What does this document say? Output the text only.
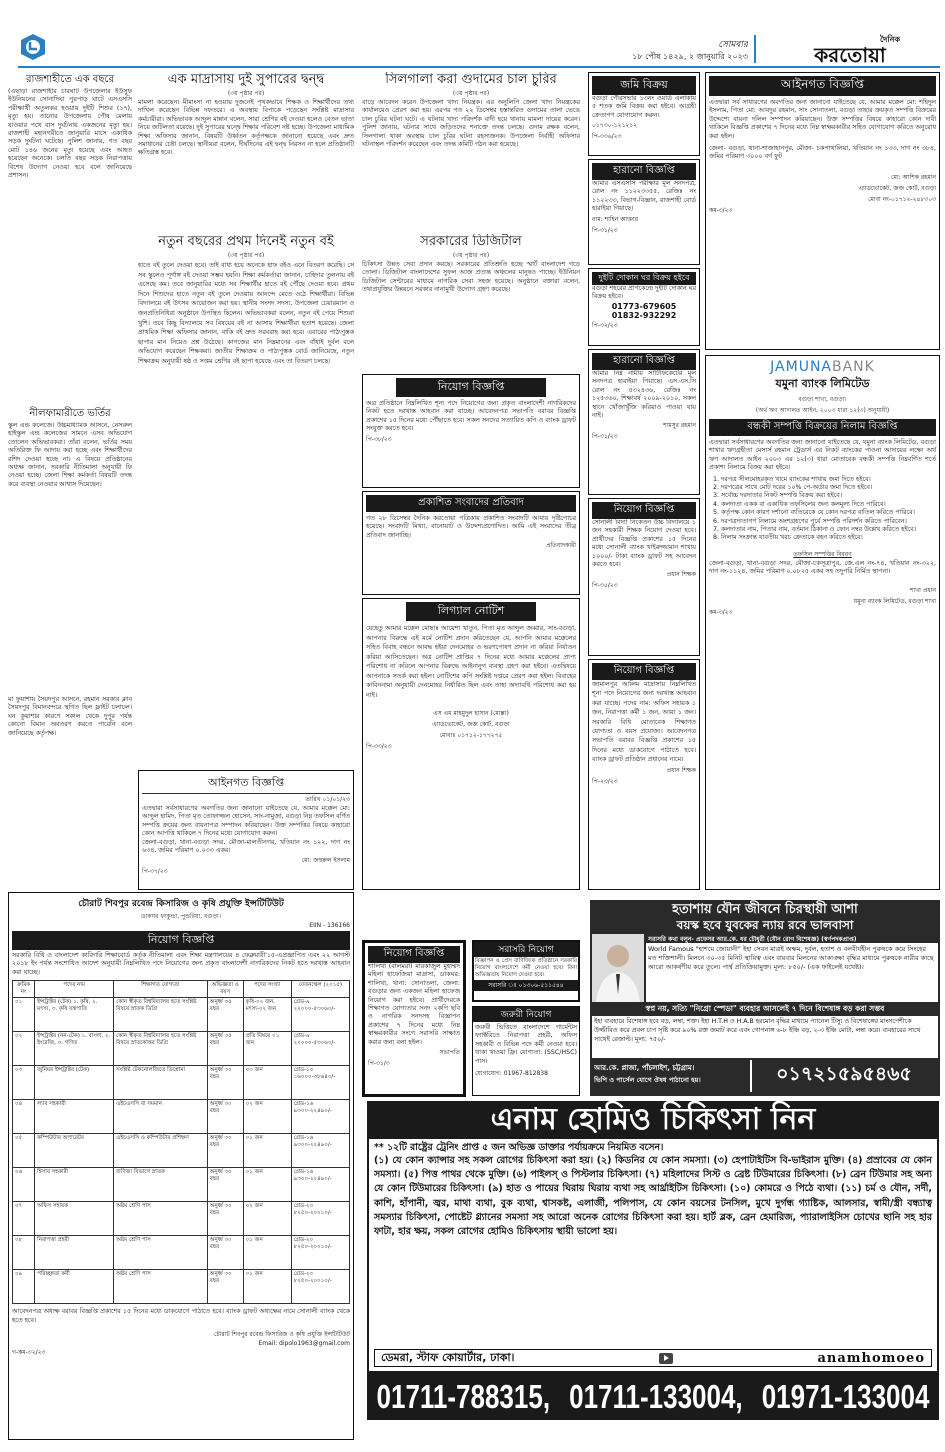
সোমবার
১৮ পৌষ ১৪২৯, ২ জানুয়ারি ২০২৩
দৈনিক
করতোয়া
রাজশাহীতে এক বছরে
(এছাড়া রাজশাহীর চারঘাট উপজেলার ইউসুফ ইউনিয়নের সোনাদিঘা পুরপাড় ঘাটে এসএসসি পরীক্ষার্থী অতুলকর হওয়ায় দুইটি শিশুর (১৭), মৃত্যু হয়। তানোর উপজেলায় পৌষ মেলায় যাওয়ার পথে বাস দুর্ঘটনায় একজনের মৃত্যু হয়। রাজশাহী মহানগরীতে জানুয়ারি মাসে একাধিক সড়ক দুর্ঘটনা ঘটেছে। পুলিশ জানায়, গত বছর মোট ১৪৬ জনের মৃত্যু হয়েছে এবং আহত হয়েছেন অনেকে। চলতি বছর সড়ক নিরাপত্তায় বিশেষ উদ্যোগ নেওয়া হবে বলে জানিয়েছে প্রশাসন।
নীলফামারীতে ভর্তির
স্কুল এন্ড কলেজে। উচ্চমাধ্যমিক আসনে, নেসরুল হাইস্কুল এন্ড কলেজের সামনে এসব অভিযোগ তোলেন অভিভাবকরা। তাঁরা বলেন, ভর্তির সময় অতিরিক্ত ফি আদায় করা হচ্ছে এবং শিক্ষার্থীদের রশিদ দেওয়া হচ্ছে না। এ বিষয়ে প্রতিষ্ঠানের অধ্যক্ষ জানান, সরকারি নীতিমালা অনুযায়ী ফি নেওয়া হচ্ছে। জেলা শিক্ষা কর্মকর্তা বিষয়টি তদন্ত করে ব্যবস্থা নেওয়ার আশ্বাস দিয়েছেন।
মা ফুয়াশায় সৈয়দপুর আসনে, রহমান সরকার ক্লাব সৈয়দপুর বিমানবন্দরে স্থগিত ছিল ফ্লাইট চলাচল। ঘন কুয়াশার কারণে সকাল থেকে দুপুর পর্যন্ত কোনো বিমান অবতরণ করতে পারেনি বলে জানিয়েছে কর্তৃপক্ষ।
এক মাদ্রাসায় দুই সুপারের দ্বন্দ্ব
(৩য় পৃষ্ঠার পর)
মামলা করেছেন। মীমাংসা না হওয়ায় দুজনেই পৃথকভাবে শিক্ষক ও শিক্ষার্থীদের তথ্য দাখিল করেছেন বিভিন্ন দফতরে। এ অবস্থায় বিপাকে পড়েছেন সংশ্লিষ্ট মাদ্রাসার কর্মচারীরা। অভিভাবক আব্দুল মান্নান বলেন, সারা শ্রেণির বই দেওয়া হলেও বেতন ভাতা নিয়ে জটিলতা রয়েছে। দুই সুপারের দ্বন্দ্বে শিক্ষার পরিবেশ নষ্ট হচ্ছে। উপজেলা মাধ্যমিক শিক্ষা অফিসার জানান, বিষয়টি উর্ধ্বতন কর্তৃপক্ষকে জানানো হয়েছে এবং দ্রুত সমাধানের চেষ্টা চলছে। স্থানীয়রা বলেন, দীর্ঘদিনের এই দ্বন্দ্ব নিরসন না হলে প্রতিষ্ঠানটি ক্ষতিগ্রস্ত হবে।
সিলগালা করা গুদামের চাল চুরির
(৩য় পৃষ্ঠার পর)
বাড়ে আবেদন করেন উপজেলা খাদ্য নিয়ন্ত্রক। এর অনুলিপি জেলা খাদ্য নিয়ন্ত্রকের কার্যালয়েও প্রেরণ করা হয়। এরপর গত ২২ ডিসেম্বর হস্তান্তরিত গুদামের তালা ভেঙে চাল চুরির ঘটনা ঘটে। এ ঘটনায় খাদ্য পরিদর্শক বাদী হয়ে থানায় মামলা দায়ের করেন। পুলিশ জানায়, ঘটনার সাথে জড়িতদের শনাক্তে তদন্ত চলছে। গুদাম রক্ষক বলেন, সিলগালা থাকা অবস্থায় চাল চুরির ঘটনা রহস্যজনক। উপজেলা নির্বাহী অফিসার ঘটনাস্থল পরিদর্শন করেছেন এবং তদন্ত কমিটি গঠন করা হয়েছে।
নতুন বছরের প্রথম দিনেই নতুন বই
(৩য় পৃষ্ঠার পর)
হাতে বই তুলে দেওয়া হবে। তাই বাধ্য হয়ে অনেকে হাফ বইও এনে বিতরণ করেছি। সে সব স্কুলেও পূর্ণাঙ্গ বই দেওয়া সম্ভব হয়নি। শিক্ষা কর্মকর্তারা জানান, চাহিদার তুলনায় বই এসেছে কম। তবে জানুয়ারির মধ্যে সব শিক্ষার্থীর হাতে বই পৌঁছে দেওয়া হবে। প্রথম দিনে শিশুদের হাতে নতুন বই তুলে দেওয়ায় আনন্দে মেতে ওঠে শিক্ষার্থীরা। বিভিন্ন বিদ্যালয়ে বই উৎসব আয়োজন করা হয়। স্থানীয় সংসদ সদস্য, উপজেলা চেয়ারম্যান ও জনপ্রতিনিধিরা অনুষ্ঠানে উপস্থিত ছিলেন। অভিভাবকরা বলেন, নতুন বই পেয়ে শিশুরা খুশি। তবে কিছু বিদ্যালয়ে সব বিষয়ের বই না আসায় শিক্ষার্থীরা হতাশ হয়েছে। জেলা প্রাথমিক শিক্ষা অফিসার জানান, বাকি বই দ্রুত সরবরাহ করা হবে। এবারের পাঠ্যপুস্তক ছাপার মান নিয়েও প্রশ্ন উঠেছে। কাগজের মান নিম্নমানের এবং বাঁধাই দুর্বল বলে অভিযোগ করেছেন শিক্ষকরা। জাতীয় শিক্ষাক্রম ও পাঠ্যপুস্তক বোর্ড জানিয়েছে, নতুন শিক্ষাক্রম অনুযায়ী ষষ্ঠ ও সপ্তম শ্রেণির বই ছাপা হয়েছে এবং তা বিতরণ চলছে।
সরকারের ডিজিটাল
(৩য় পৃষ্ঠার পর)
চিকিৎসা উন্নত সেবা প্রদান করছে। সরকারের প্রতিশ্রুতি হচ্ছে স্মার্ট বাংলাদেশ গড়ে তোলা। ডিজিটাল বাংলাদেশের সুফল আজ প্রত্যন্ত অঞ্চলের মানুষও পাচ্ছে। ইউনিয়ন ডিজিটাল সেন্টারের মাধ্যমে নাগরিক সেবা সহজ হয়েছে। অনুষ্ঠানে বক্তারা বলেন, তথ্যপ্রযুক্তির উন্নয়নে সরকার নানামুখী উদ্যোগ গ্রহণ করেছে।
নিয়োগ বিজ্ঞপ্তি
অত্র প্রতিষ্ঠানে নিম্নলিখিত শূন্য পদে নিয়োগের জন্য প্রকৃত বাংলাদেশী নাগরিকদের নিকট হতে দরখাস্ত আহবান করা যাচ্ছে। আবেদনপত্র সভাপতি বরাবর বিজ্ঞপ্তি প্রকাশের ১৫ দিনের মধ্যে পৌঁছাতে হবে। সকল সনদের সত্যায়িত কপি ও ব্যাংক ড্রাফট সংযুক্ত করতে হবে।
পি-৩৮/২৩
প্রকাশিত সংবাদের প্রতিবাদ
গত ২৮ ডিসেম্বর দৈনিক করতোয়া পত্রিকায় প্রকাশিত সংবাদটি আমার দৃষ্টিগোচর হয়েছে। সংবাদটি মিথ্যা, বানোয়াট ও উদ্দেশ্যপ্রণোদিত। আমি এই সংবাদের তীব্র প্রতিবাদ জানাচ্ছি।
প্রতিবাদকারী
লিগ্যাল নোটিশ
যেহেতু আমার মক্কেল মোছাঃ আয়েশা খাতুন, পিতা মৃত আব্দুল জব্বার, সাং-বগুড়া, আপনার বিরুদ্ধে এই মর্মে নোটিশ প্রদান করিতেছেন যে, আপনি আমার মক্কেলের সহিত বিবাহ বন্ধনে আবদ্ধ হইয়া দেনমোহর ও ভরণপোষণ প্রদান না করিয়া নির্যাতন করিয়া আসিতেছেন। অত্র নোটিশ প্রাপ্তির ৭ দিনের মধ্যে আমার মক্কেলের প্রাপ্য পরিশোধ না করিলে আপনার বিরুদ্ধে আইনানুগ ব্যবস্থা গ্রহণ করা হইবে। এতদ্বিষয়ে আপনাকে সতর্ক করা হইল। নোটিশের কপি সংশ্লিষ্ট দপ্তরে প্রেরণ করা হইল। বিবাহের কাবিননামা অনুযায়ী দেনমোহর নির্ধারিত ছিল এবং তাহা অদ্যাবধি পরিশোধ করা হয় নাই।
এস এম মাহমুদুল হাসান (মোল্লা)
এ্যাডভোকেট, জজ কোর্ট, বগুড়া
মোবাঃ ০১৭১২-১৭৭২৭৫
পি-৩৩/২৩
জমি বিক্রয়
বগুড়া পৌরসভার ১৩নং ওয়ার্ড এলাকায় ৫ শতক জমি বিক্রয় করা হইবে। আগ্রহী ক্রেতাগণ যোগাযোগ করুন।
০১৭৩০-১২১২১২
পি-৩৩৬/২৩
হারানো বিজ্ঞপ্তি
আমার এসএসসি পরীক্ষার মূল সনদপত্র, রোল নং ১১২২৩৩৫৫, রেজিঃ নং ১১২২৩৩, বিভাগ-বিজ্ঞান, রাজশাহী বোর্ড হারাইয়া গিয়াছে।
নাম: শাহিন আক্তার
পি-৩১/২৩
দুইটি দোকান ঘর বিক্রয় হইবে
বগুড়া শহরের প্রাণকেন্দ্রে দুইটি দোকান ঘর বিক্রয় হইবে।
01773-679605
01832-932292
পি-৩২/২৩
হারানো বিজ্ঞপ্তি
আমার নিম্ন নামীয় সার্টিফিকেটের মূল সনদপত্র হারাইয়া গিয়াছে। এস.এস.সি রোল নং ৫৩২৪৩৬, রেজিঃ নং ১২৫৩৬০, শিক্ষাবর্ষ ২০০৯-২০১০, সকল স্থানে খোঁজাখুঁজি করিয়াও পাওয়া যায় নাই।
শামসুর রহমান
পি-৩১/২৩
নিয়োগ বিজ্ঞপ্তি
সোনালী বিদ্যা নিকেতন উচ্চ বিদ্যালয়ে ১ জন সহকারী শিক্ষক নিয়োগ দেওয়া হবে। প্রার্থীদের বিজ্ঞপ্তি প্রকাশের ১৫ দিনের মধ্যে সোনালী ব্যাংক খাইরুজ্জামান শাখায় ১০০০/- টাকা ব্যাংক ড্রাফট সহ আবেদন করতে হবে।
প্রধান শিক্ষক
পি-৩৫/২৩
নিয়োগ বিজ্ঞপ্তি
জামালপুর আলিম মাদ্রাসায় নিম্নলিখিত শূন্য পদে নিয়োগের জন্য দরখাস্ত আহবান করা যাচ্ছে। পদের নাম: অফিস সহায়ক ১ জন, নিরাপত্তা কর্মী ১ জন, আয়া ১ জন। সরকারি বিধি মোতাবেক শিক্ষাগত যোগ্যতা ও বয়স প্রযোজ্য। আবেদনপত্র সভাপতি বরাবর বিজ্ঞপ্তি প্রকাশের ১৫ দিনের মধ্যে ডাকযোগে পাঠাতে হবে। ব্যাংক ড্রাফট প্রতিষ্ঠান প্রধানের নামে।
প্রধান শিক্ষক
পি-২৩/২৩
আইনগত বিজ্ঞপ্তি
এতদ্বারা সর্ব সাধারণের অবগতির জন্য জানানো যাইতেছে যে, আমার মক্কেল মো: শহিদুল ইসলাম, পিতা মো: আবদুর রহমান, সাং সোনাতলা, বগুড়া তাহার ক্রয়কৃত সম্পত্তি বিক্রয়ের উদ্দেশ্যে বায়না দলিল সম্পাদন করিয়াছেন। উক্ত সম্পত্তির বিষয়ে কাহারো কোন দাবী থাকিলে বিজ্ঞপ্তি প্রকাশের ৭ দিনের মধ্যে নিম্ন স্বাক্ষরকারীর সহিত যোগাযোগ করিতে অনুরোধ করা হইল।
জেলা- বগুড়া, থানা-শাজাহানপুর, মৌজা- চকপাথালিয়া, খতিয়ান নং ১৩৩, দাগ নং ৩৮৪, জমির পরিমাণ ৩০০০ বর্গ ফুট
মো: আশিক রহমান
এ্যাডভোকেট, জজ কোর্ট, বগুড়া
মোবা নং-০১৭১২-২৪৮৩০৩
কম-৩/২৩
JAMUNABANK
যমুনা ব্যাংক লিমিটেড
বগুড়া শাখা, বগুড়া।
(অর্থ ঋণ আদালত আইন, ২০০৩ ধারা ১২(৩) অনুযায়ী)
বন্ধকী সম্পত্তি বিক্রয়ের নিলাম বিজ্ঞপ্তি
এতদ্বারা সর্বসাধারণের অবগতির জন্য জানানো যাইতেছে যে, যমুনা ব্যাংক লিমিটেড, বগুড়া শাখার ঋণগ্রহীতা মেসার্স রহমান ট্রেডার্স এর নিকট ব্যাংকের পাওনা আদায়ের লক্ষ্যে অর্থ ঋণ আদালত আইন ২০০৩ এর ১২(৩) ধারা মোতাবেক বন্ধকী সম্পত্তি নিম্নবর্ণিত শর্তে প্রকাশ্য নিলামে বিক্রয় করা হইবে।
1. দরপত্র সীলমোহরকৃত খামে ব্যাংকের শাখায় জমা দিতে হইবে।
2. দরপত্রের সাথে মোট দরের ১০% পে-অর্ডার জমা দিতে হইবে।
3. সর্বোচ্চ দরদাতার নিকট সম্পত্তি বিক্রয় করা হইবে।
4. কলদাতা একক বা একাধিক তফসিলের জন্য কলমূল্য দিতে পারিবে।
5. কর্তৃপক্ষ কোন কারণ দর্শানো ব্যতিরেকে যে কোন দরপত্র বাতিল করিতে পারিবে।
6. দরপত্রদাতাগণ নিলামে অংশগ্রহণের পূর্বে সম্পত্তি পরিদর্শন করিতে পারিবেন।
7. কলদাতার নাম, পিতার নাম, বর্তমান ঠিকানা ও ফোন নম্বর উল্লেখ করিতে হইবে।
8. নিলাম সংক্রান্ত যাবতীয় খরচ ক্রেতাকে বহন করিতে হইবে।
তফসিল সম্পত্তির বিবরণ
জেলা-বগুড়া, থানা-বগুড়া সদর, মৌজা-চকসূত্রাপুর, জে.এল নং-৭৪, খতিয়ান নং-৩২২, দাগ নং-১১২৪, জমির পরিমাণ ০.০৮২৫ একর সহ তদুপরি নির্মিত স্থাপনা।
শাখা প্রধান
যমুনা ব্যাংক লিমিটেড, বগুড়া শাখা
কম-৩/২৩
আইনগত বিজ্ঞপ্তি
তারিখ ০১/০১/২৩
এতদ্বারা সর্বসাধারণের অবগতির জন্য জানানো যাইতেছে যে, আমার মক্কেল মো: আব্দুল হামিদ, পিতা মৃত তোফাজ্জল হোসেন, সাং-নামুজা, বগুড়া নিম্ন তফসিল বর্ণিত সম্পত্তি ক্রয়ের জন্য বায়নাপত্র সম্পাদন করিয়াছেন। উক্ত সম্পত্তির বিষয়ে কাহারো কোন আপত্তি থাকিলে ৭ দিনের মধ্যে যোগাযোগ করুন।
জেলা-বগুড়া, থানা-বগুড়া সদর, মৌজা-মালতীনগর, খতিয়ান নং ১২২, দাগ নং ৬৩৪, জমির পরিমাণ ০.০৩৩ একর।
মো: জহুরুল ইসলাম
পি-৩৭/২৩
চৌরাট শিবপুর রবেন্দ্র কিসারিজ ও কৃষি প্রযুক্তি ইন্সটিটিউট
ডাকঘর ফাকুন্ডা, পুন্ডরিয়া, বগুড়া।
EIIN - 136166
নিয়োগ বিজ্ঞপ্তি
সরকারি বিধি ও বাংলাদেশ কারিগরি শিক্ষাবোর্ড কর্তৃক নীতিমালা এবং শিক্ষা মন্ত্রণালয়ের ৪ ফেব্রুয়ারী'১৫-এপ্রজ্ঞাপিত এবং ২২ আগস্ট ২০১৮ ইং পর্যন্ত সংশোধিত আদেশ অনুযায়ী নিম্নলিখিত পদে নিয়োগের জন্য প্রকৃত বাংলাদেশী নাগরিকদের নিকট হতে দরখাস্ত আহবান করা যাচ্ছে।
ক্রমিক নং	পদের নাম	শিক্ষাগত যোগ্যতা	অভিজ্ঞতা ও বয়স	পদের সংখ্যা	বেতনস্কেল (২০১৫)
০১	ইন্সট্রাক্টর (টেক) ১. কৃষি, ২. মৎস্য, ৩. কৃষি যন্ত্রপাতি	কোন স্বীকৃত বিশ্ববিদ্যালয় হতে সংশ্লিষ্ট বিষয়ে স্নাতক ডিগ্রি	অনুর্ধ্ব ৩৫ বছর	কৃষি-০২ জন, মৎস্য-০২ জন	গ্রেড-৯ ২২০০০-৫৩০৬০/-
০২	ইন্সট্রাক্টর (নন-টেক) ১. বাংলা, ২. ইংরেজি, ৩. গণিত	কোন স্বীকৃত বিশ্ববিদ্যালয় হতে সংশ্লিষ্ট বিষয়ে স্নাতকোত্তর ডিগ্রি	অনুর্ধ্ব ৩৫ বছর	প্রতি বিষয়ে ০১ জন	গ্রেড-৯ ২২০০০-৫৩০৬০/-
০৩	জুনিয়র ইন্সট্রাক্টর (টেক)	সংশ্লিষ্ট টেকনোলজিতে ডিপ্লোমা	অনুর্ধ্ব ৩০ বছর	০৩ জন	গ্রেড-১০ ১৬০০০-৩৮৬৪০/-
০৪	ল্যাব সহকারী	এইচএসসি বা সমমান	অনুর্ধ্ব ৩০ বছর	০২ জন	গ্রেড-১৬ ৯৩০০-২২৪৯০/-
০৫	কম্পিউটার অপারেটর	এইচএসসি ও কম্পিউটার প্রশিক্ষণ	অনুর্ধ্ব ৩০ বছর	০১ জন	গ্রেড-১৬ ৯৩০০-২২৪৯০/-
০৬	হিসাব সহকারী	বাণিজ্য বিভাগে স্নাতক	অনুর্ধ্ব ৩০ বছর	০১ জন	গ্রেড-১৬ ৯৩০০-২২৪৯০/-
০৭	অফিস সহায়ক	অষ্টম শ্রেণি পাস	অনুর্ধ্ব ৩০ বছর	০২ জন	গ্রেড-২০ ৮২৫০-২০০১০/-
০৮	নিরাপত্তা প্রহরী	অষ্টম শ্রেণি পাস	অনুর্ধ্ব ৩০ বছর	০১ জন	গ্রেড-২০ ৮২৫০-২০০১০/-
০৯	পরিচ্ছন্নতা কর্মী	অষ্টম শ্রেণি পাস	অনুর্ধ্ব ৩০ বছর	০১ জন	গ্রেড-২০ ৮২৫০-২০০১০/-
আবেদনপত্র অধ্যক্ষ বরাবর বিজ্ঞপ্তি প্রকাশের ১৫ দিনের মধ্যে ডাকযোগে পাঠাতে হবে। ব্যাংক ড্রাফট অধ্যক্ষের নামে সোনালী ব্যাংক থেকে হতে হবে।
চৌরাট শিবপুর রবেন্দ্র ফিসারিজ ও কৃষি প্রযুক্তি ইন্সটিটিউট
Email: dipolo1963@gmail.com
গ-কম-৩২/২৩
নিয়োগ বিজ্ঞপ্তি
শালিখা (বালমরা) মারকাজুল মুহাম্মদ মহিলা হাফেজিয়া মাদ্রাসা, ডাকঘর: শালিখা, থানা: সোনাতলা, জেলা: বগুড়ার জন্য একজন মহিলা হাফেজ নিয়োগ করা হইবে। প্রার্থীদেরকে শিক্ষাগত যোগ্যতার সনদ ২কপি ছবি ও নাগরিক সনদসহ বিজ্ঞাপন প্রকাশের ৭ দিনের মধ্যে নিম্ন স্বাক্ষরকারীর সংগে সরাসরি সাক্ষাত করার জন্য বলা হইল।
সভাপতি
পি-৩১/৩
সরাসরি নিয়োগ
বিজ্ঞাপন ও প্রেস বাণিজ্যিক প্রতিষ্ঠানে সরকারি নিয়োগ বাংলাদেশে কর্মী নেওয়া হবে। বিনা অভিজ্ঞতায় নিয়োগ দেওয়া হবে।
সরাসরি ঃ ০১৩০৬-৫১১৫৪৪
জরুরী নিয়োগ
জরুরী ভিত্তিতে বাংলাদেশে গার্মেন্টস ফ্যাক্টরিতে নিরাপত্তা প্রহরী, অফিস সহকারী ও বিভিন্ন পদে কর্মী নেওয়া হবে। থাকা খাওয়া ফ্রি। যোগ্যতা: (SSC/HSC) পাস।
যোগাযোগ: 01967-812838
হতাশায় যৌন জীবনে চিরস্থায়ী আশা
বয়স্ক হবে যুবকের ন্যায় রবে ভালবাসা
সরাসরি কথা বলুন- প্রফেসর আর.কে. ধর চৌধুরী (যৌন রোগ বিশেষজ্ঞ) (স্বর্ণপদকপ্রাপ্ত)
World Famous "হাশমে জোয়ানী" ইহা সেবন মাত্রই অক্ষম, দুর্বল, হতাশ ও বলবীর্যহীন পুরুষকে করে সিংহের মত শক্তিশালী। মিলনে ৩০-৩৫ মিনিট স্থায়িত্ব এবং বারবার মিলনের আকাঙ্ক্ষা বৃদ্ধির মাধ্যমে পুরুষকে নারীর কাছে আরো আকর্ষণীয় করে তুলে। পার্শ্ব প্রতিক্রিয়ামুক্ত। মূল্য: ৮৫০/- (এক ফাইলেই যথেষ্ট)।
স্বপ্ন নয়, সত্যি "নিগ্রো স্পেডা" ব্যবহার আসলেই ৭ দিনে বিশেষাঙ্গ বড় করা সম্ভব
ইহা ব্যবহারে বিশেষাঙ্গ হবে বড়, লম্বা, শক্ত। ইহা H.T.H ও H.A.B হরমোন বৃদ্ধির মাধ্যমে প্যানেল টিস্যু ও বিশেষাঙ্গের মাংসপেশীকে উজ্জীবিত করে প্রবল চাপ সৃষ্টি করে ৯০% রক্ত জমাট করে এবং গোপনাঙ্গ ৬-৮ ইঞ্চি বড়, ২-৩ ইঞ্চি মোটা, লম্বা করে। ব্যবহারের সাথে সাথেই রেজাল্ট। মূল্য: ৭৫০/-
আর.কে. প্লাজা, পাঁচলাইশ, চট্টগ্রাম।
ভিপি ও পার্সেল যোগে ঔষধ পাঠানো হয়।	০১৭২১৫৯৫৪৬৫
এনাম হোমিও চিকিৎসা নিন
** ১২টি রাষ্ট্রের ট্রেনিং প্রাপ্ত ৫ জন অভিজ্ঞ ডাক্তার পর্যায়ক্রমে নিয়মিত বসেন।
(১) যে কোন ক্যান্সার সহ সকল রোগের চিকিৎসা করা হয়। (২) কিডনির যে কোন সমস্যা। (৩) হেপাটাইটিস বি-ভাইরাস মুক্তি। (৪) প্রস্রাবের যে কোন সমস্যা। (৫) পিত্ত পাথর থেকে মুক্তি। (৬) পাইলস্ ও পিস্টলার চিকিৎসা। (৭) মহিলাদের সিস্ট ও ব্রেষ্ট টিউমারের চিকিৎসা। (৮) ব্রেন টিউমার সহ অন্য যে কোন টিউমারের চিকিৎসা। (৯) হাত ও পায়ের ঘিরায় ঘিরায় ব্যথা সহ আর্থ্রাইটিস চিকিৎসা। (১০) কোমরে ও পিঠে ব্যথা। (১১) চর্ম ও যৌন, সর্দী, কাশি, হাঁপানী, জ্বর, মাথা ব্যথা, বুক ব্যথা, শ্বাসকষ্ট, এলার্জী, পলিপাস, যে কোন বয়সের টনসিল, মুখে দুর্গন্ধ গ্যাষ্টিক, আলসার, স্বামী/স্ত্রী বন্ধ্যাত্ব সমস্যার চিকিৎসা, পোষ্টেট গ্ল্যানের সমস্যা সহ আরো অনেক রোগের চিকিৎসা করা হয়। হার্ট ব্লক, ব্রেন হেমারিজ, প্যারালাইসিস চোখের ছানি সহ হার ফাটা, হার ক্ষয়, সকল রোগের হোমিও চিকিৎসায় স্থায়ী ভালো হয়।
ডেমরা, স্টাফ কোয়ার্টার, ঢাকা।	anamhomoeo
01711-788315, 01711-133004, 01971-133004
